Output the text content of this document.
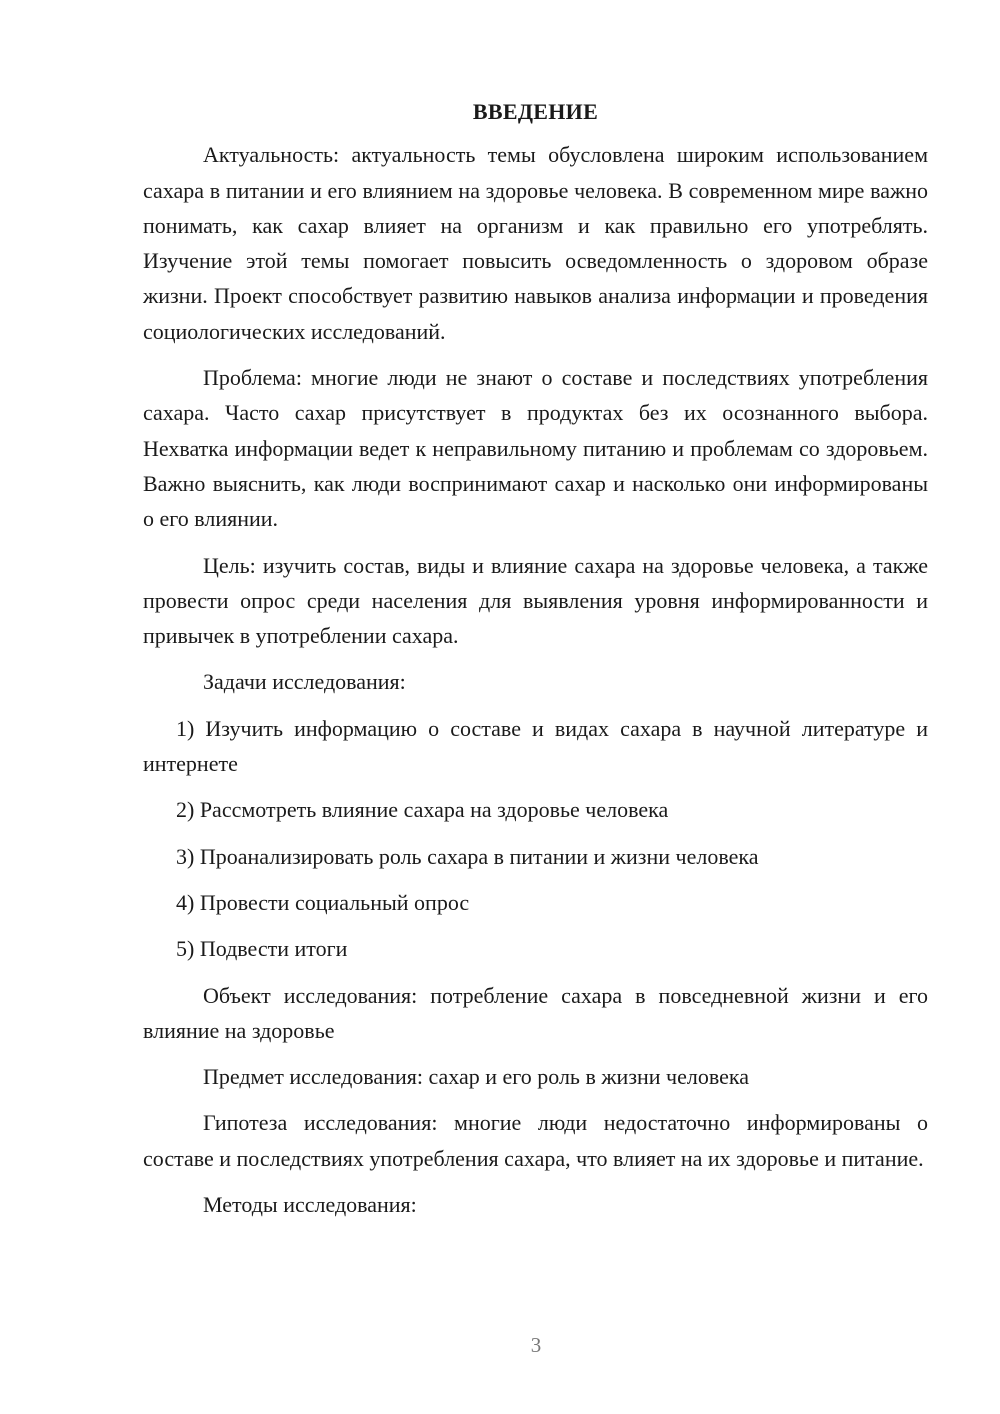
ВВЕДЕНИЕ

Актуальность: актуальность темы обусловлена широким использованием сахара в питании и его влиянием на здоровье человека. В современном мире важно понимать, как сахар влияет на организм и как правильно его употреблять. Изучение этой темы помогает повысить осведомленность о здоровом образе жизни. Проект способствует развитию навыков анализа информации и проведения социологических исследований.

Проблема: многие люди не знают о составе и последствиях употребления сахара. Часто сахар присутствует в продуктах без их осознанного выбора. Нехватка информации ведет к неправильному питанию и проблемам со здоровьем. Важно выяснить, как люди воспринимают сахар и насколько они информированы о его влиянии.

Цель: изучить состав, виды и влияние сахара на здоровье человека, а также провести опрос среди населения для выявления уровня информированности и привычек в употреблении сахара.

Задачи исследования:

1) Изучить информацию о составе и видах сахара в научной литературе и интернете

2) Рассмотреть влияние сахара на здоровье человека

3) Проанализировать роль сахара в питании и жизни человека

4) Провести социальный опрос

5) Подвести итоги

Объект исследования: потребление сахара в повседневной жизни и его влияние на здоровье

Предмет исследования: сахар и его роль в жизни человека

Гипотеза исследования: многие люди недостаточно информированы о составе и последствиях употребления сахара, что влияет на их здоровье и питание.

Методы исследования:

3
